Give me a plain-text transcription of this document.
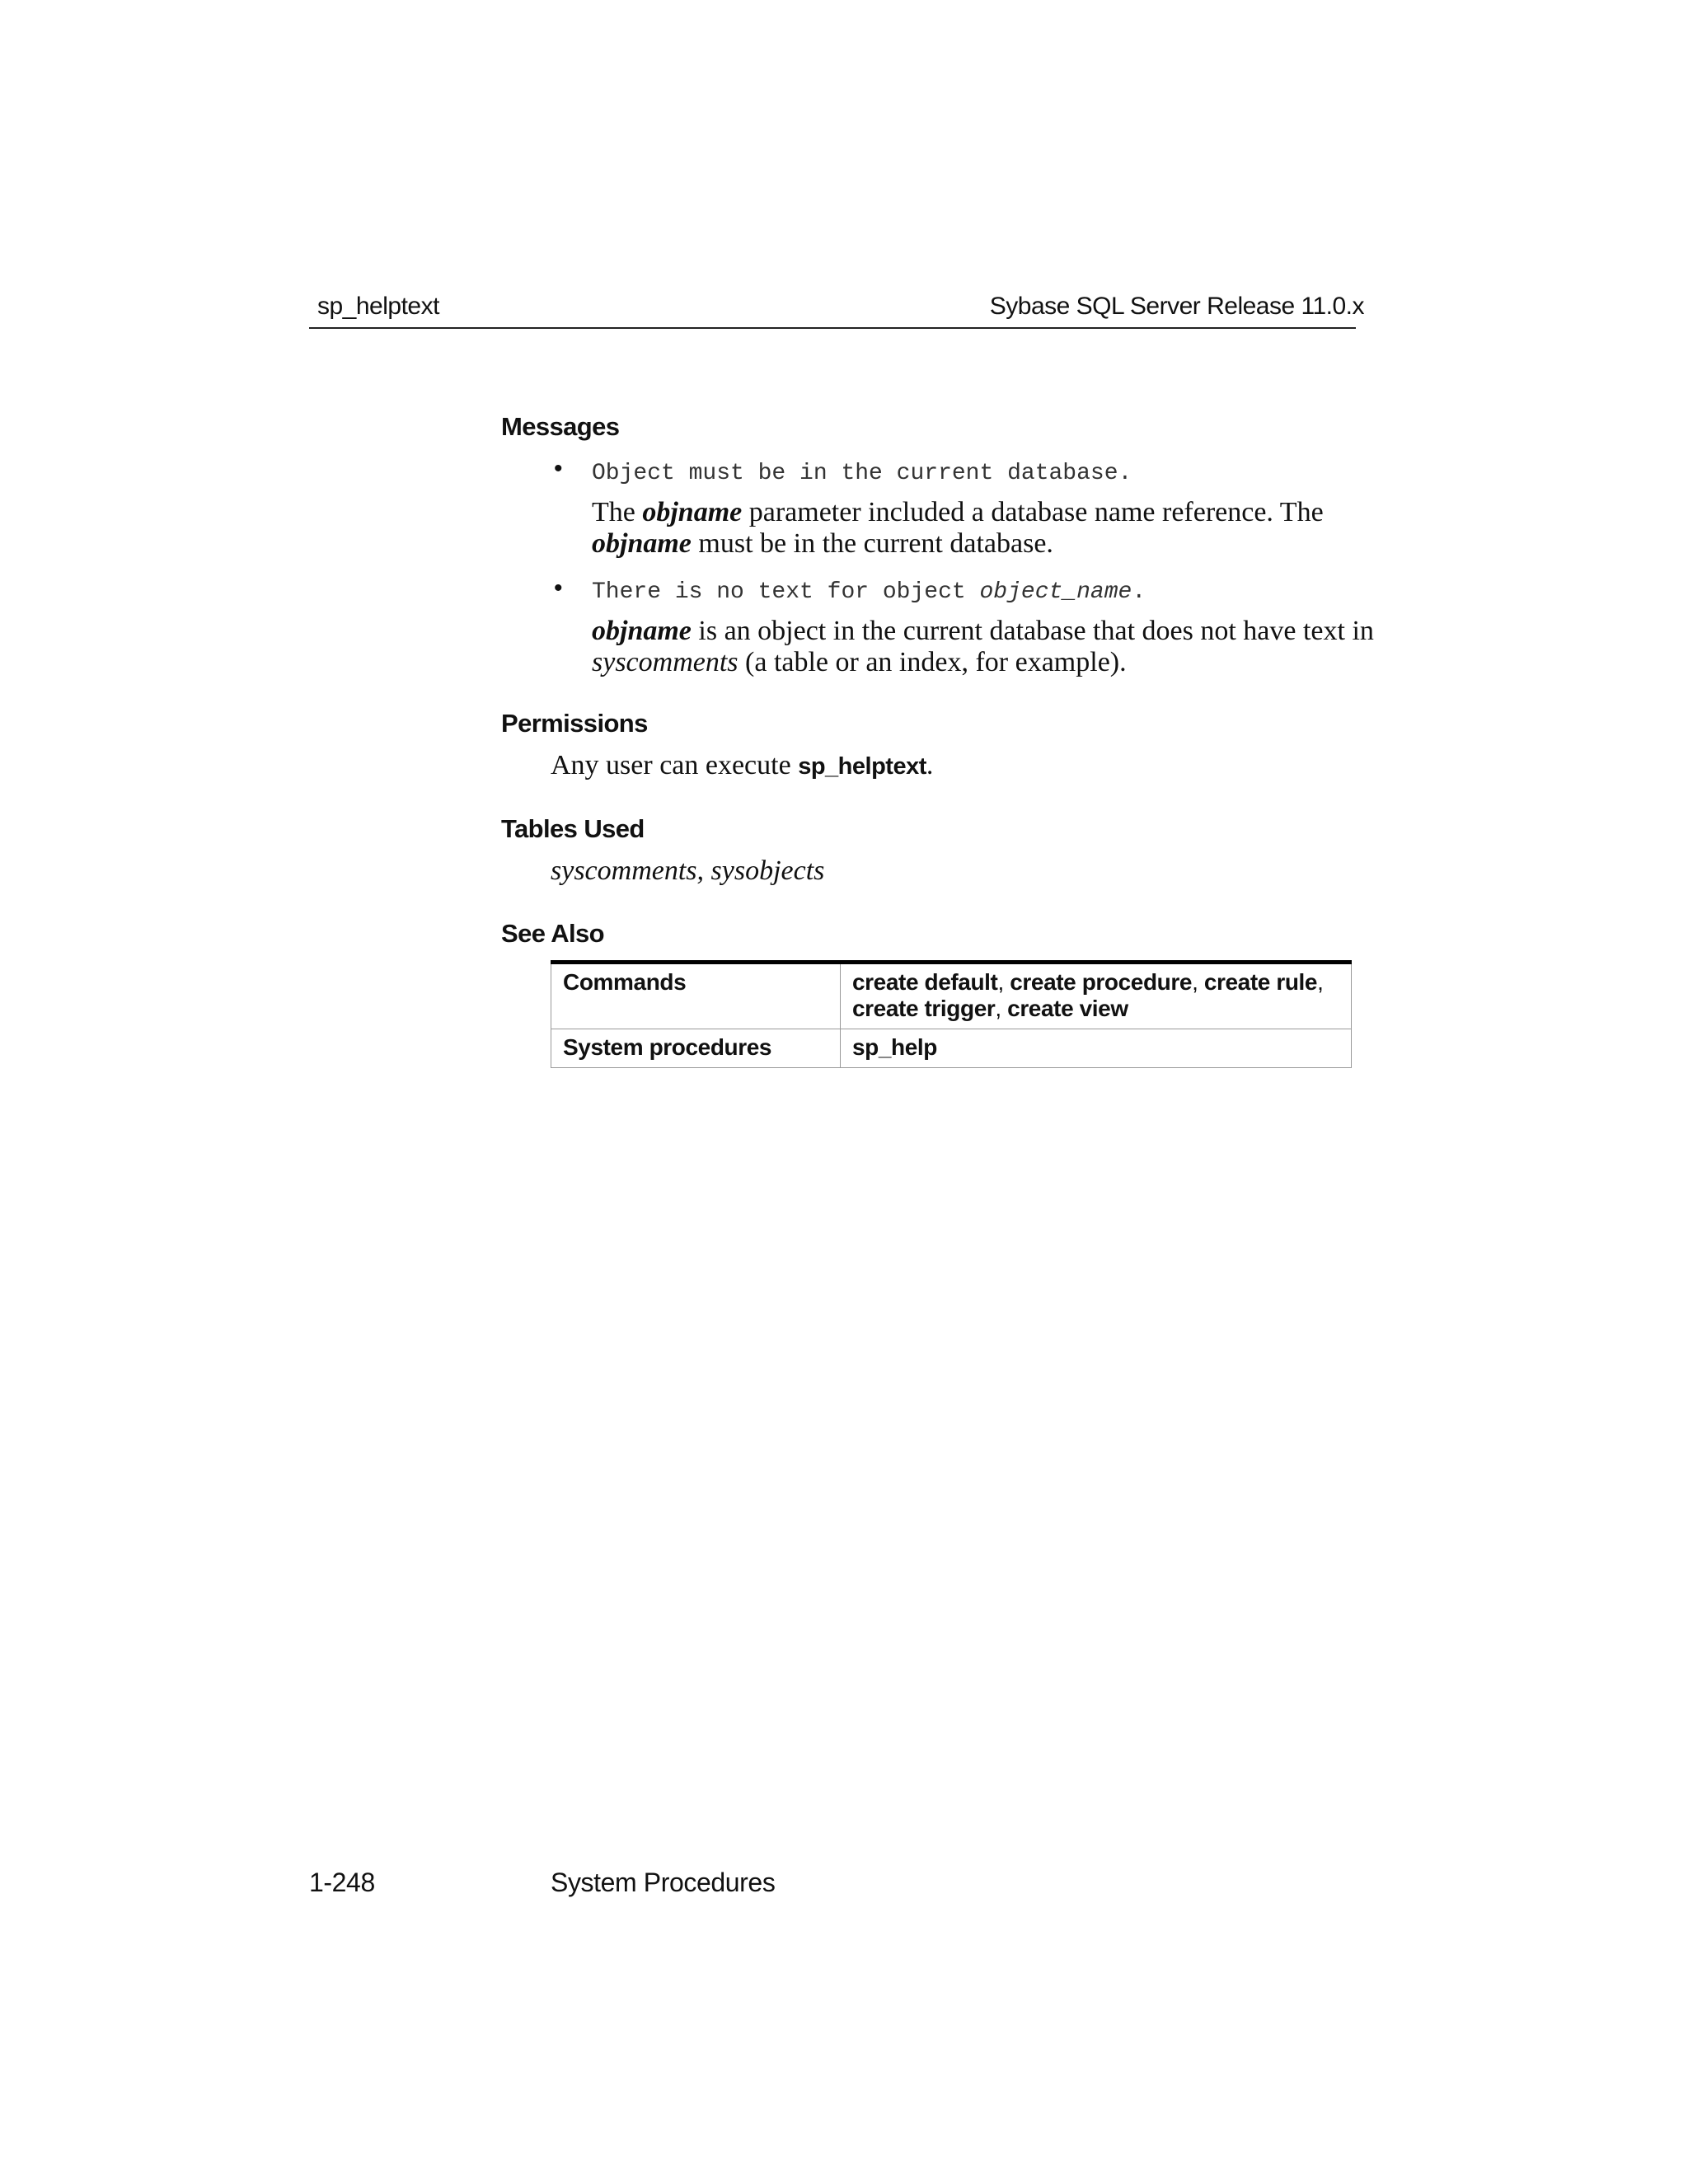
sp_helptext	Sybase SQL Server Release 11.0.x
Messages
• Object must be in the current database.
The objname parameter included a database name reference. The objname must be in the current database.
• There is no text for object object_name.
objname is an object in the current database that does not have text in syscomments (a table or an index, for example).
Permissions
Any user can execute sp_helptext.
Tables Used
syscomments, sysobjects
See Also
Commands	create default, create procedure, create rule,
create trigger, create view
System procedures	sp_help
1-248	System Procedures
